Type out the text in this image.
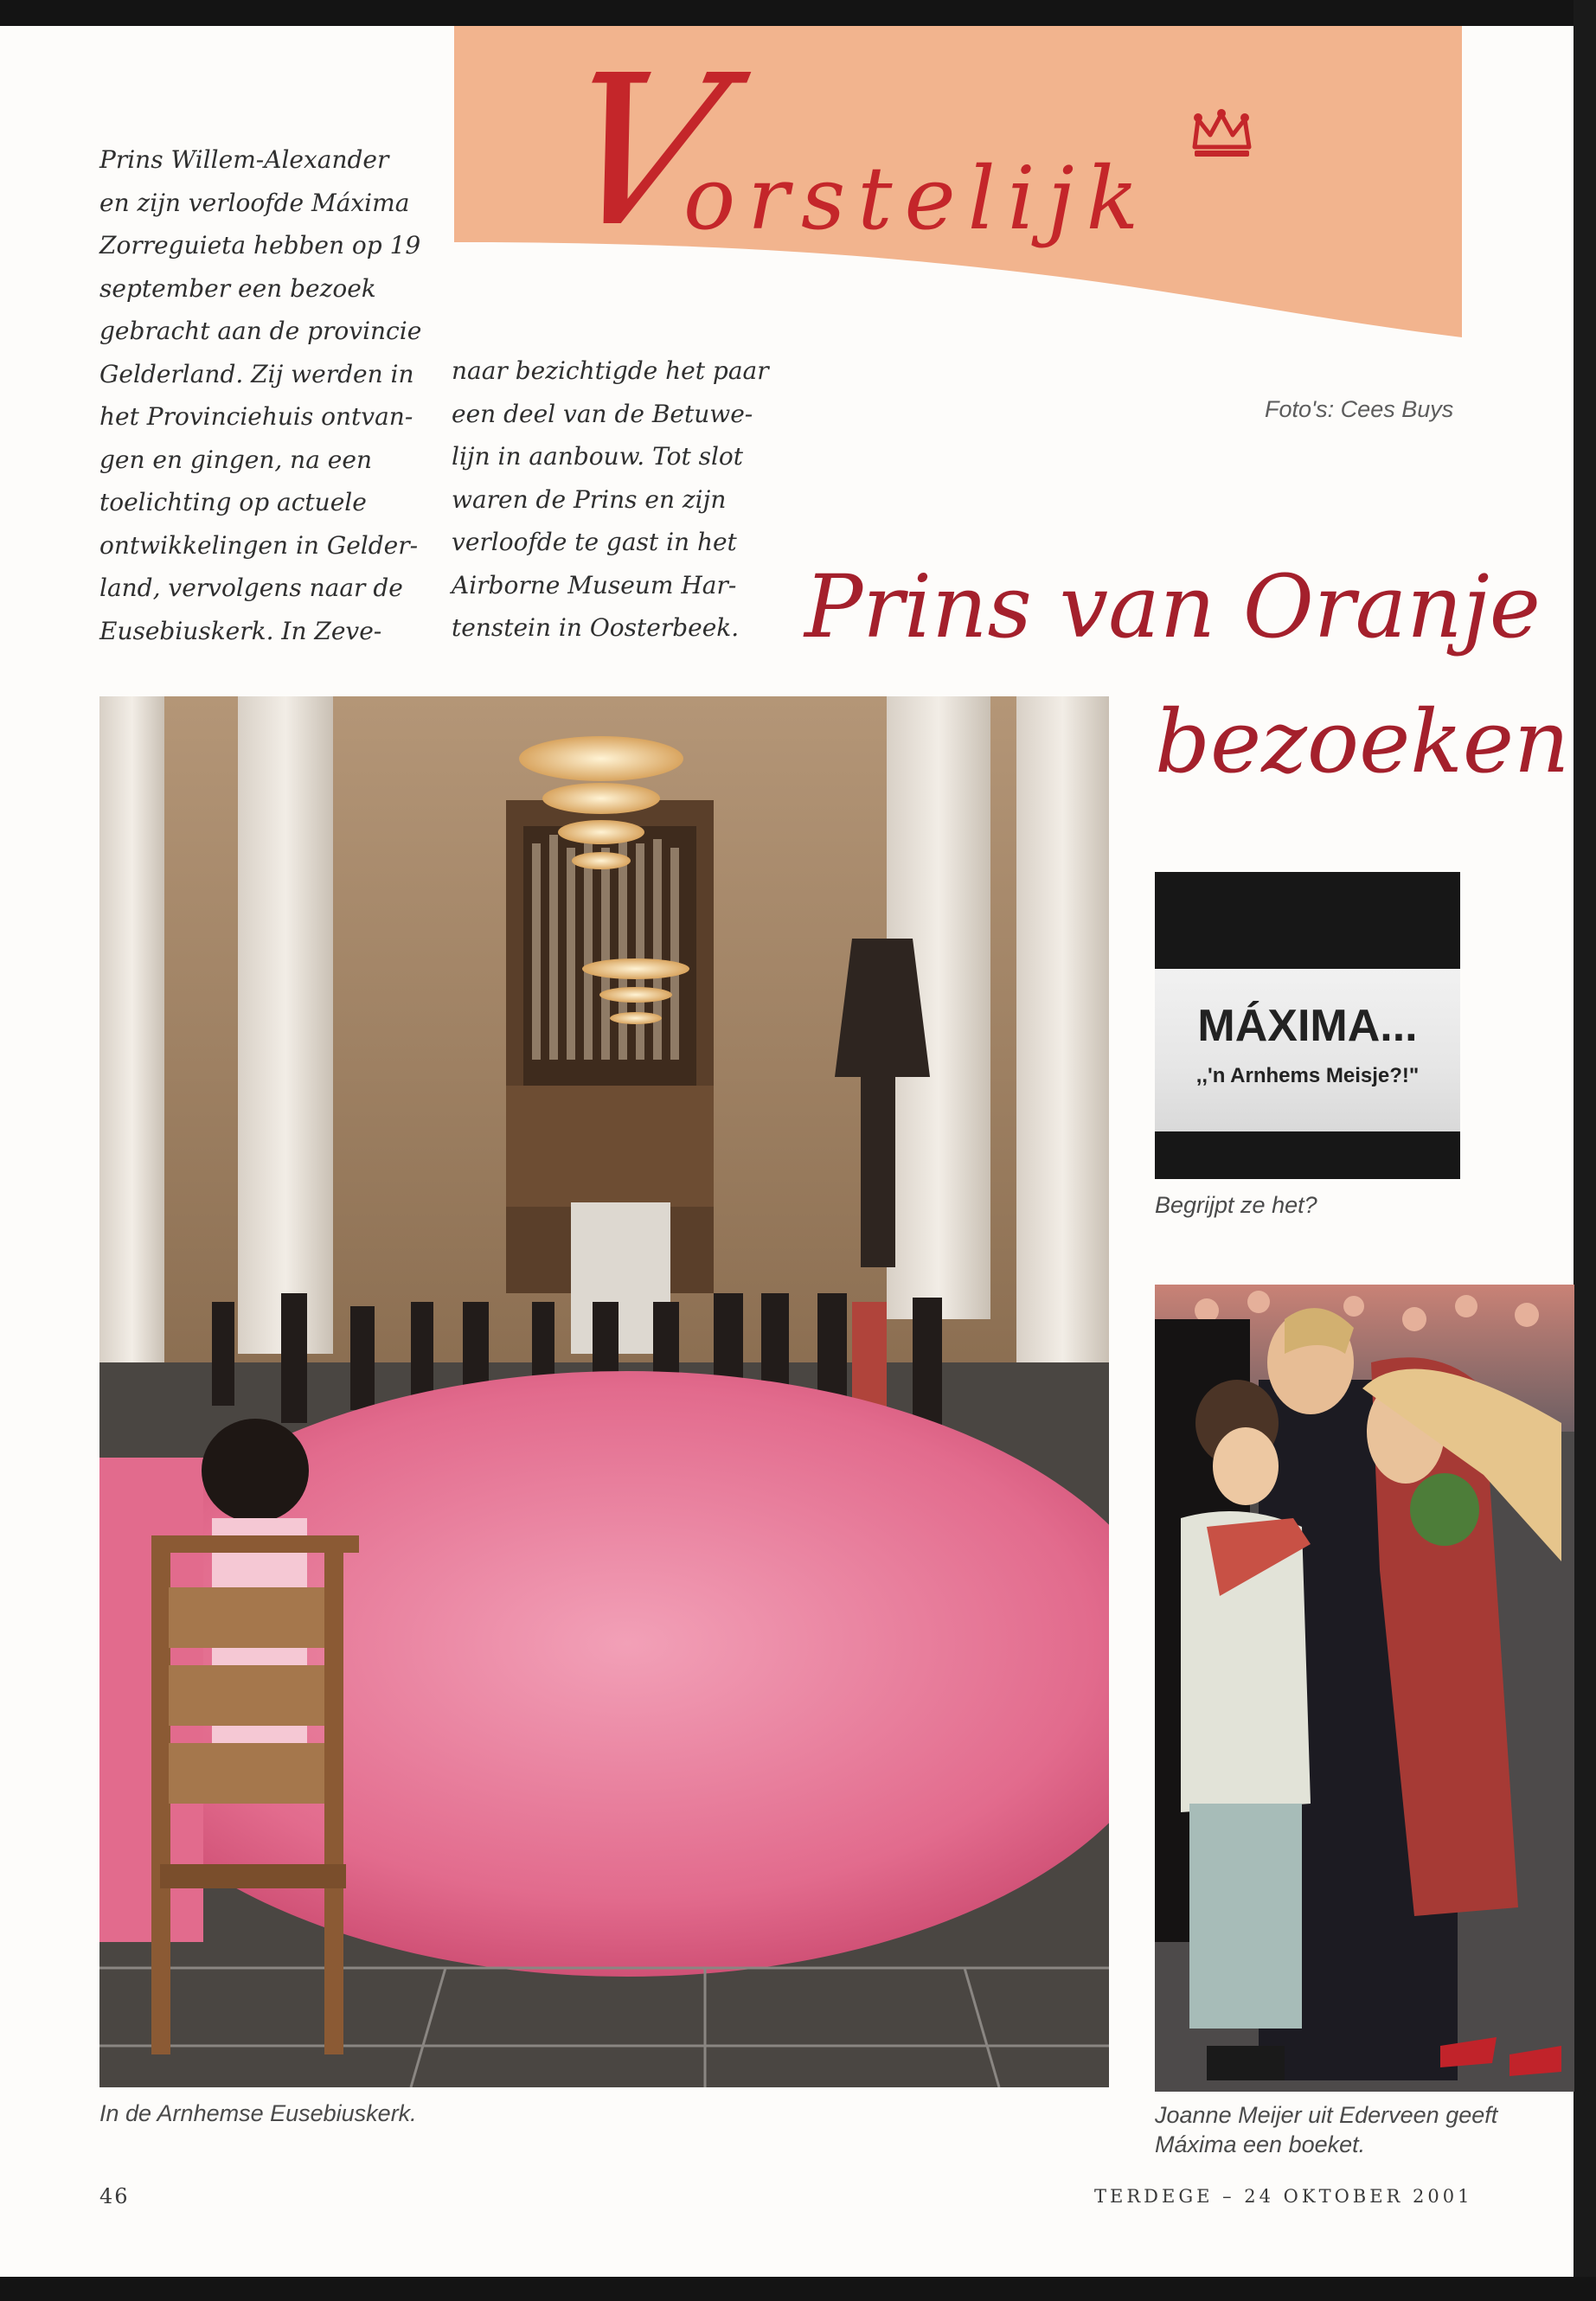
V
orstelijk
Prins Willem-Alexander
en zijn verloofde Máxima
Zorreguieta hebben op 19
september een bezoek
gebracht aan de provincie
Gelderland. Zij werden in
het Provinciehuis ontvan-
gen en gingen, na een
toelichting op actuele
ontwikkelingen in Gelder-
land, vervolgens naar de
Eusebiuskerk. In Zeve-
naar bezichtigde het paar
een deel van de Betuwe-
lijn in aanbouw. Tot slot
waren de Prins en zijn
verloofde te gast in het
Airborne Museum Har-
tenstein in Oosterbeek.
Foto's: Cees Buys
Prins van Oranje
bezoeken
In de Arnhemse Eusebiuskerk.
MÁXIMA...
,,'n Arnhems Meisje?!"
Begrijpt ze het?
Joanne Meijer uit Ederveen geeft
Máxima een boeket.
46	TERDEGE – 24 OKTOBER 2001
